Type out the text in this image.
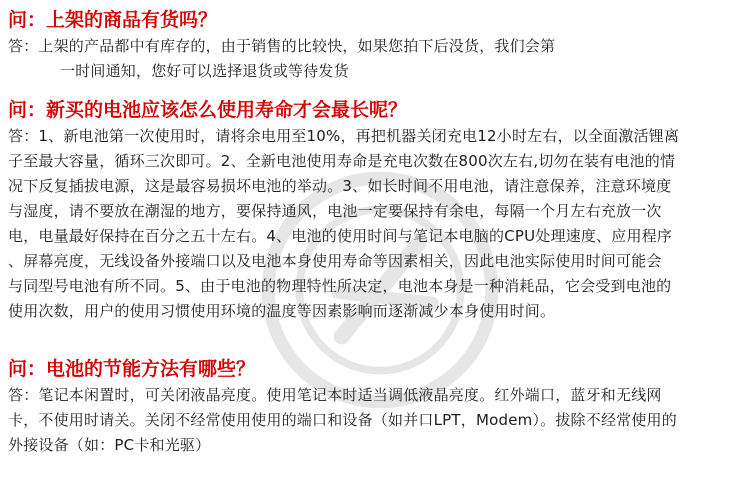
问：上架的商品有货吗？
答：上架的产品都中有库存的，由于销售的比较快，如果您拍下后没货，我们会第
一时间通知，您好可以选择退货或等待发货
问：新买的电池应该怎么使用寿命才会最长呢？
答：1、新电池第一次使用时，请将余电用至10%，再把机器关闭充电12小时左右，以全面激活锂离
子至最大容量，循环三次即可。2、全新电池使用寿命是充电次数在800次左右,切勿在装有电池的情
况下反复插拔电源，这是最容易损坏电池的举动。3、如长时间不用电池，请注意保养，注意环境度
与湿度，请不要放在潮湿的地方，要保持通风，电池一定要保持有余电，每隔一个月左右充放一次
电，电量最好保持在百分之五十左右。4、电池的使用时间与笔记本电脑的CPU处理速度、应用程序
、屏幕亮度，无线设备外接端口以及电池本身使用寿命等因素相关，因此电池实际使用时间可能会
与同型号电池有所不同。5、由于电池的物理特性所决定，电池本身是一种消耗品，它会受到电池的
使用次数，用户的使用习惯使用环境的温度等因素影响而逐渐减少本身使用时间。
问：电池的节能方法有哪些？
答：笔记本闲置时，可关闭液晶亮度。使用笔记本时适当调低液晶亮度。红外端口，蓝牙和无线网
卡，不使用时请关。关闭不经常使用使用的端口和设备（如并口LPT，Modem）。拔除不经常使用的
外接设备（如：PC卡和光驱）
